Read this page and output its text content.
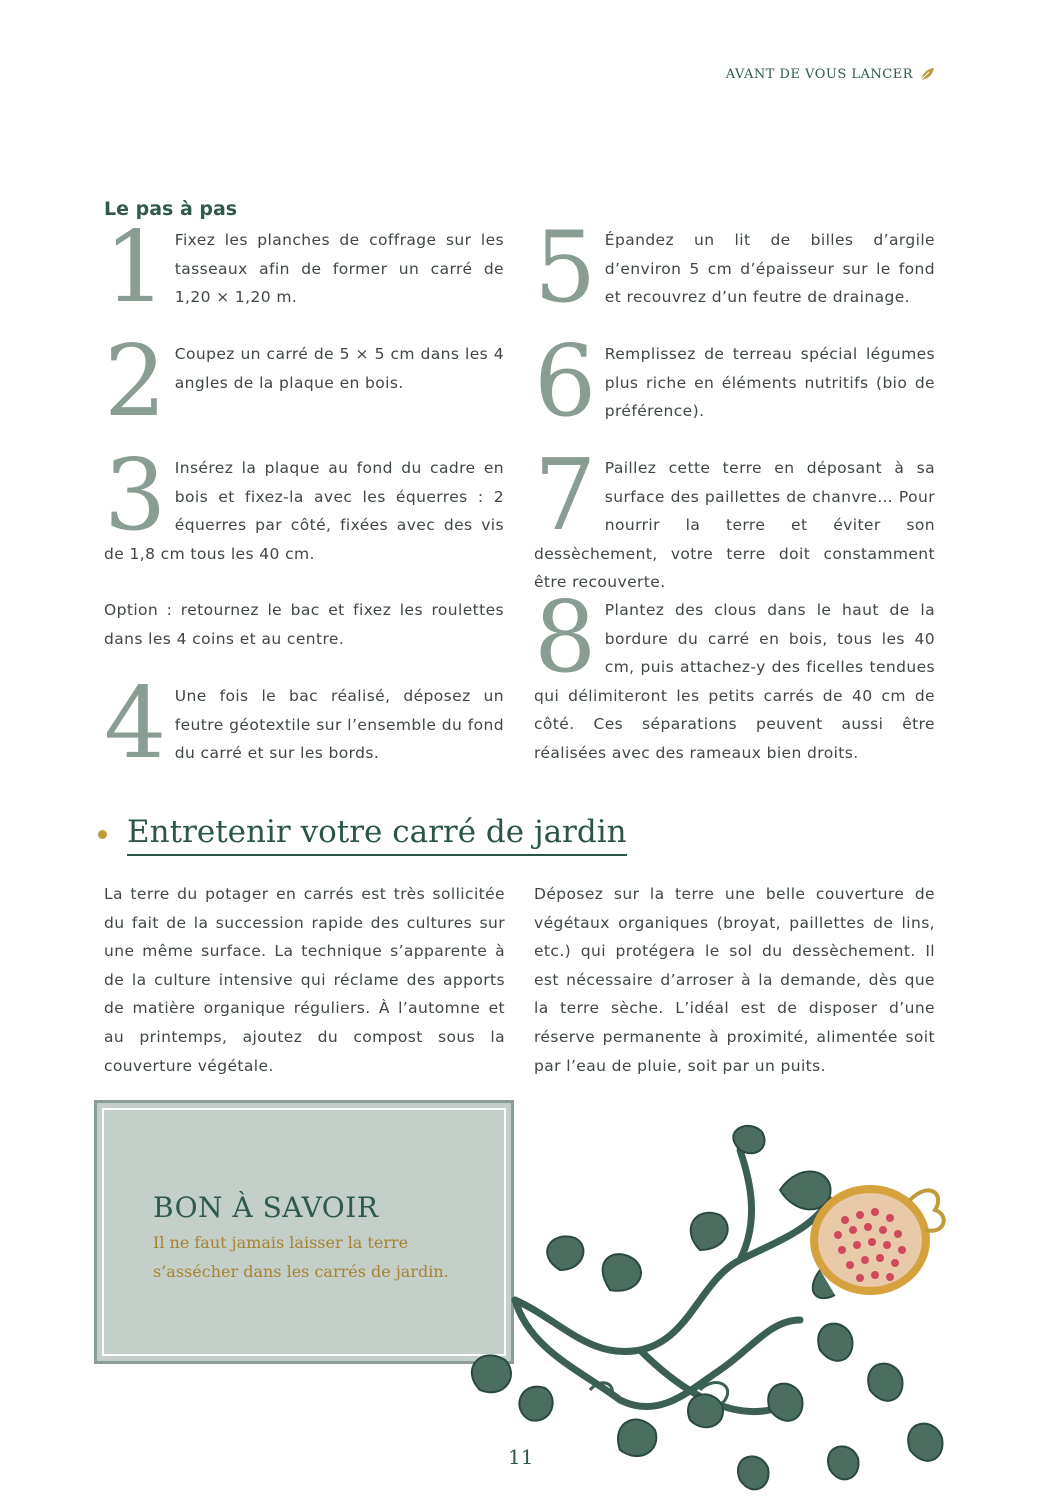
AVANT DE VOUS LANCER
Le pas à pas
1 Fixez les planches de coffrage sur les tasseaux afin de former un carré de 1,20 × 1,20 m.

2 Coupez un carré de 5 × 5 cm dans les 4 angles de la plaque en bois.

3 Insérez la plaque au fond du cadre en bois et fixez-la avec les équerres : 2 équerres par côté, fixées avec des vis de 1,8 cm tous les 40 cm.

Option : retournez le bac et fixez les roulettes dans les 4 coins et au centre.
4 Une fois le bac réalisé, déposez un feutre géotextile sur l’ensemble du fond du carré et sur les bords.

5 Épandez un lit de billes d’argile d’environ 5 cm d’épaisseur sur le fond et recouvrez d’un feutre de drainage.

6 Remplissez de terreau spécial légumes plus riche en éléments nutritifs (bio de préférence).

7 Paillez cette terre en déposant à sa surface des paillettes de chanvre… Pour nourrir la terre et éviter son dessèchement, votre terre doit constamment être recouverte.

8 Plantez des clous dans le haut de la bordure du carré en bois, tous les 40 cm, puis attachez-y des ficelles tendues qui délimiteront les petits carrés de 40 cm de côté. Ces séparations peuvent aussi être réalisées avec des rameaux bien droits.

Entretenir votre carré de jardin
La terre du potager en carrés est très sollicitée du fait de la succession rapide des cultures sur une même surface. La technique s’apparente à de la culture intensive qui réclame des apports de matière organique réguliers. À l’automne et au printemps, ajoutez du compost sous la couverture végétale.
Déposez sur la terre une belle couverture de végétaux organiques (broyat, paillettes de lins, etc.) qui protégera le sol du dessèchement. Il est nécessaire d’arroser à la demande, dès que la terre sèche. L’idéal est de disposer d’une réserve permanente à proximité, alimentée soit par l’eau de pluie, soit par un puits.
BON À SAVOIR
Il ne faut jamais laisser la terre s’assécher dans les carrés de jardin.
11
